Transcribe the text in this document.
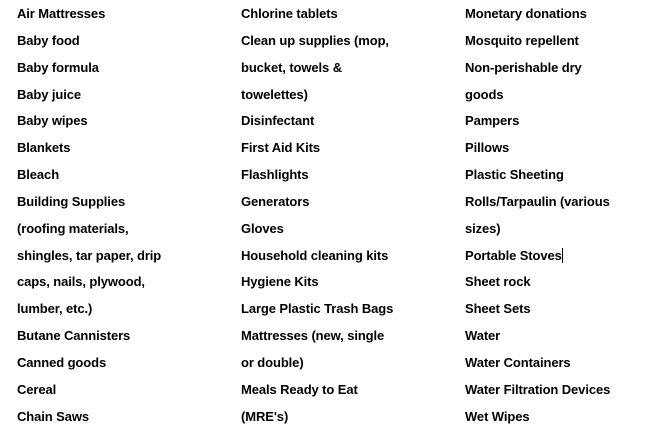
Air Mattresses
Baby food
Baby formula
Baby juice
Baby wipes
Blankets
Bleach
Building Supplies
(roofing materials,
shingles, tar paper, drip
caps, nails, plywood,
lumber, etc.)
Butane Cannisters
Canned goods
Cereal
Chain Saws
Chlorine tablets
Clean up supplies (mop,
bucket, towels &
towelettes)
Disinfectant
First Aid Kits
Flashlights
Generators
Gloves
Household cleaning kits
Hygiene Kits
Large Plastic Trash Bags
Mattresses (new, single
or double)
Meals Ready to Eat
(MRE's)
Monetary donations
Mosquito repellent
Non-perishable dry
goods
Pampers
Pillows
Plastic Sheeting
Rolls/Tarpaulin (various
sizes)
Portable Stoves
Sheet rock
Sheet Sets
Water
Water Containers
Water Filtration Devices
Wet Wipes
